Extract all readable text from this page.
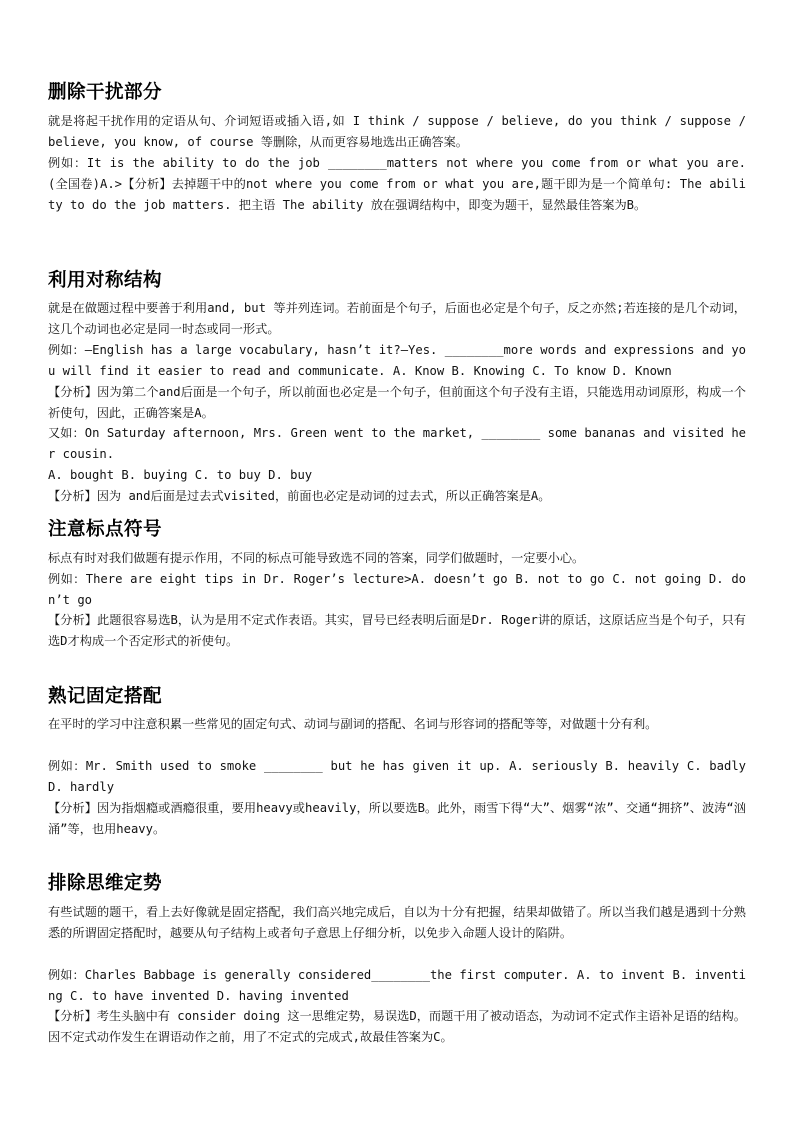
删除干扰部分
就是将起干扰作用的定语从句、介词短语或插入语,如 I think / suppose / believe, do you think / suppose / believe, you know, of course 等删除，从而更容易地选出正确答案。
例如：It is the ability to do the job ________matters not where you come from or what you are.(全国卷)A.>【分析】去掉题干中的not where you come from or what you are,题干即为是一个简单句: The ability to do the job matters. 把主语 The ability 放在强调结构中，即变为题干，显然最佳答案为B。
利用对称结构
就是在做题过程中要善于利用and, but 等并列连词。若前面是个句子，后面也必定是个句子，反之亦然;若连接的是几个动词，这几个动词也必定是同一时态或同一形式。
例如：—English has a large vocabulary, hasn’t it?—Yes. ________more words and expressions and you will find it easier to read and communicate. A. Know B. Knowing C. To know D. Known
【分析】因为第二个and后面是一个句子，所以前面也必定是一个句子，但前面这个句子没有主语，只能选用动词原形，构成一个祈使句，因此，正确答案是A。
又如：On Saturday afternoon, Mrs. Green went to the market, ________ some bananas and visited her cousin.
A. bought B. buying C. to buy D. buy
【分析】因为 and后面是过去式visited，前面也必定是动词的过去式，所以正确答案是A。
注意标点符号
标点有时对我们做题有提示作用，不同的标点可能导致选不同的答案，同学们做题时，一定要小心。
例如：There are eight tips in Dr. Roger’s lecture>A. doesn’t go B. not to go C. not going D. don’t go
【分析】此题很容易选B，认为是用不定式作表语。其实，冒号已经表明后面是Dr. Roger讲的原话，这原话应当是个句子，只有选D才构成一个否定形式的祈使句。
熟记固定搭配
在平时的学习中注意积累一些常见的固定句式、动词与副词的搭配、名词与形容词的搭配等等，对做题十分有利。
例如：Mr. Smith used to smoke ________ but he has given it up. A. seriously B. heavily C. badly D. hardly
【分析】因为指烟瘾或酒瘾很重，要用heavy或heavily，所以要选B。此外，雨雪下得“大”、烟雾“浓”、交通“拥挤”、波涛“汹涌”等，也用heavy。
排除思维定势
有些试题的题干，看上去好像就是固定搭配，我们高兴地完成后，自以为十分有把握，结果却做错了。所以当我们越是遇到十分熟悉的所谓固定搭配时，越要从句子结构上或者句子意思上仔细分析，以免步入命题人设计的陷阱。
例如：Charles Babbage is generally considered________the first computer. A. to invent B. inventing C. to have invented D. having invented
【分析】考生头脑中有 consider doing 这一思维定势，易误选D，而题干用了被动语态，为动词不定式作主语补足语的结构。因不定式动作发生在谓语动作之前，用了不定式的完成式,故最佳答案为C。
